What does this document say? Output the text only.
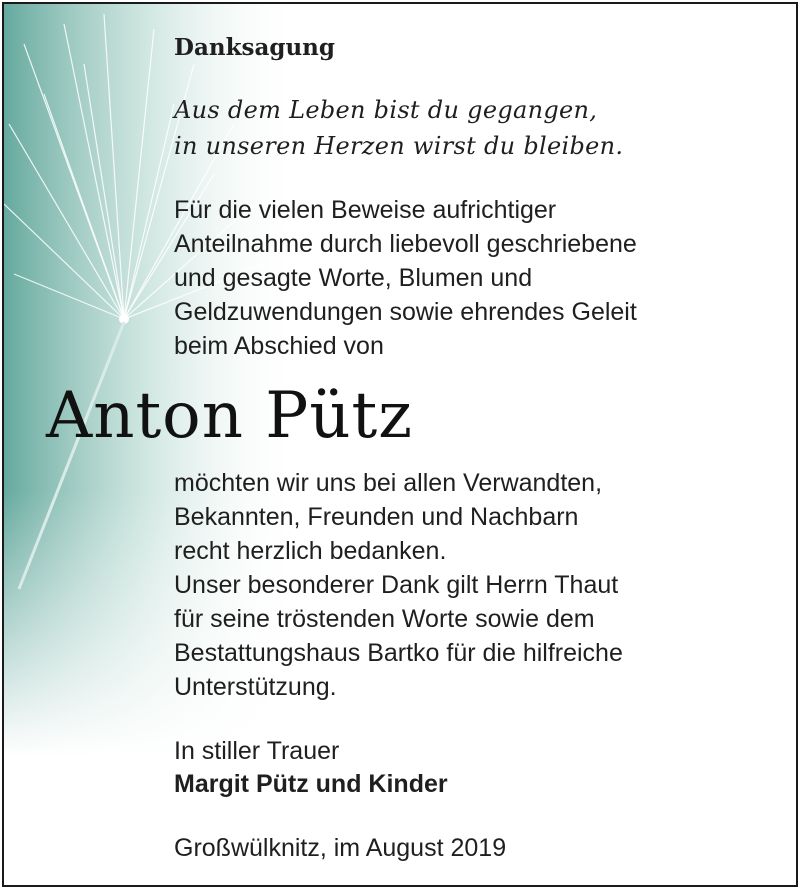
Danksagung
Aus dem Leben bist du gegangen,
in unseren Herzen wirst du bleiben.
Für die vielen Beweise aufrichtiger
Anteilnahme durch liebevoll geschriebene
und gesagte Worte, Blumen und
Geldzuwendungen sowie ehrendes Geleit
beim Abschied von
Anton Pütz
möchten wir uns bei allen Verwandten,
Bekannten, Freunden und Nachbarn
recht herzlich bedanken.
Unser besonderer Dank gilt Herrn Thaut
für seine tröstenden Worte sowie dem
Bestattungshaus Bartko für die hilfreiche
Unterstützung.
In stiller Trauer
Margit Pütz und Kinder
Großwülknitz, im August 2019
